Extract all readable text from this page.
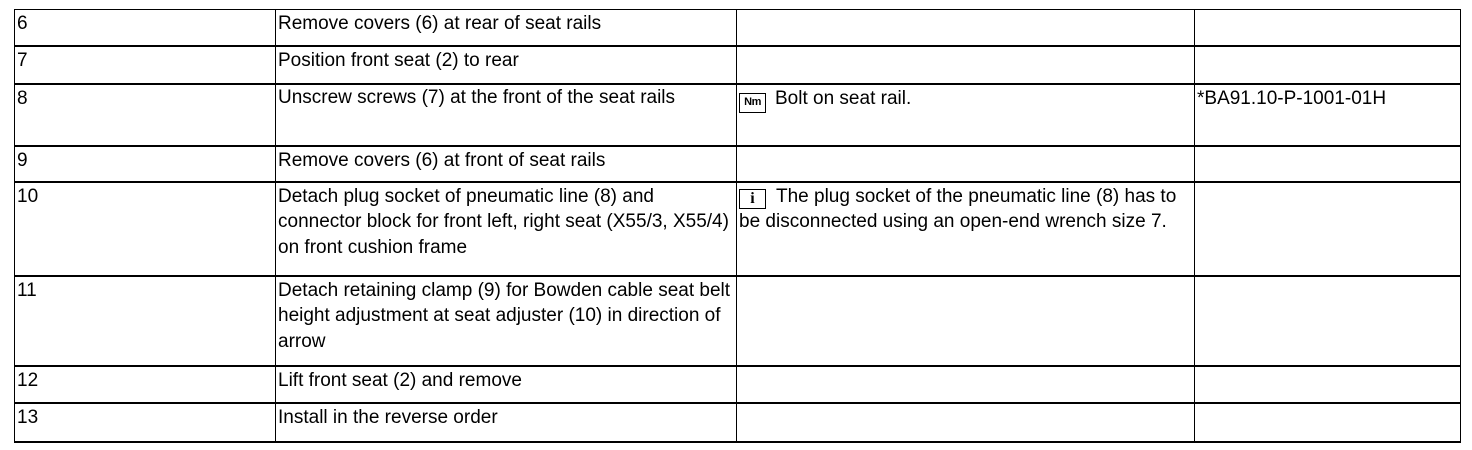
6	Remove covers (6) at rear of seat rails		
7	Position front seat (2) to rear		
8	Unscrew screws (7) at the front of the seat rails	Nm Bolt on seat rail.	*BA91.10-P-1001-01H
9	Remove covers (6) at front of seat rails		
10	Detach plug socket of pneumatic line (8) and connector block for front left, right seat (X55/3, X55/4) on front cushion frame	i The plug socket of the pneumatic line (8) has to be disconnected using an open-end wrench size 7.	
11	Detach retaining clamp (9) for Bowden cable seat belt height adjustment at seat adjuster (10) in direction of arrow		
12	Lift front seat (2) and remove		
13	Install in the reverse order		
